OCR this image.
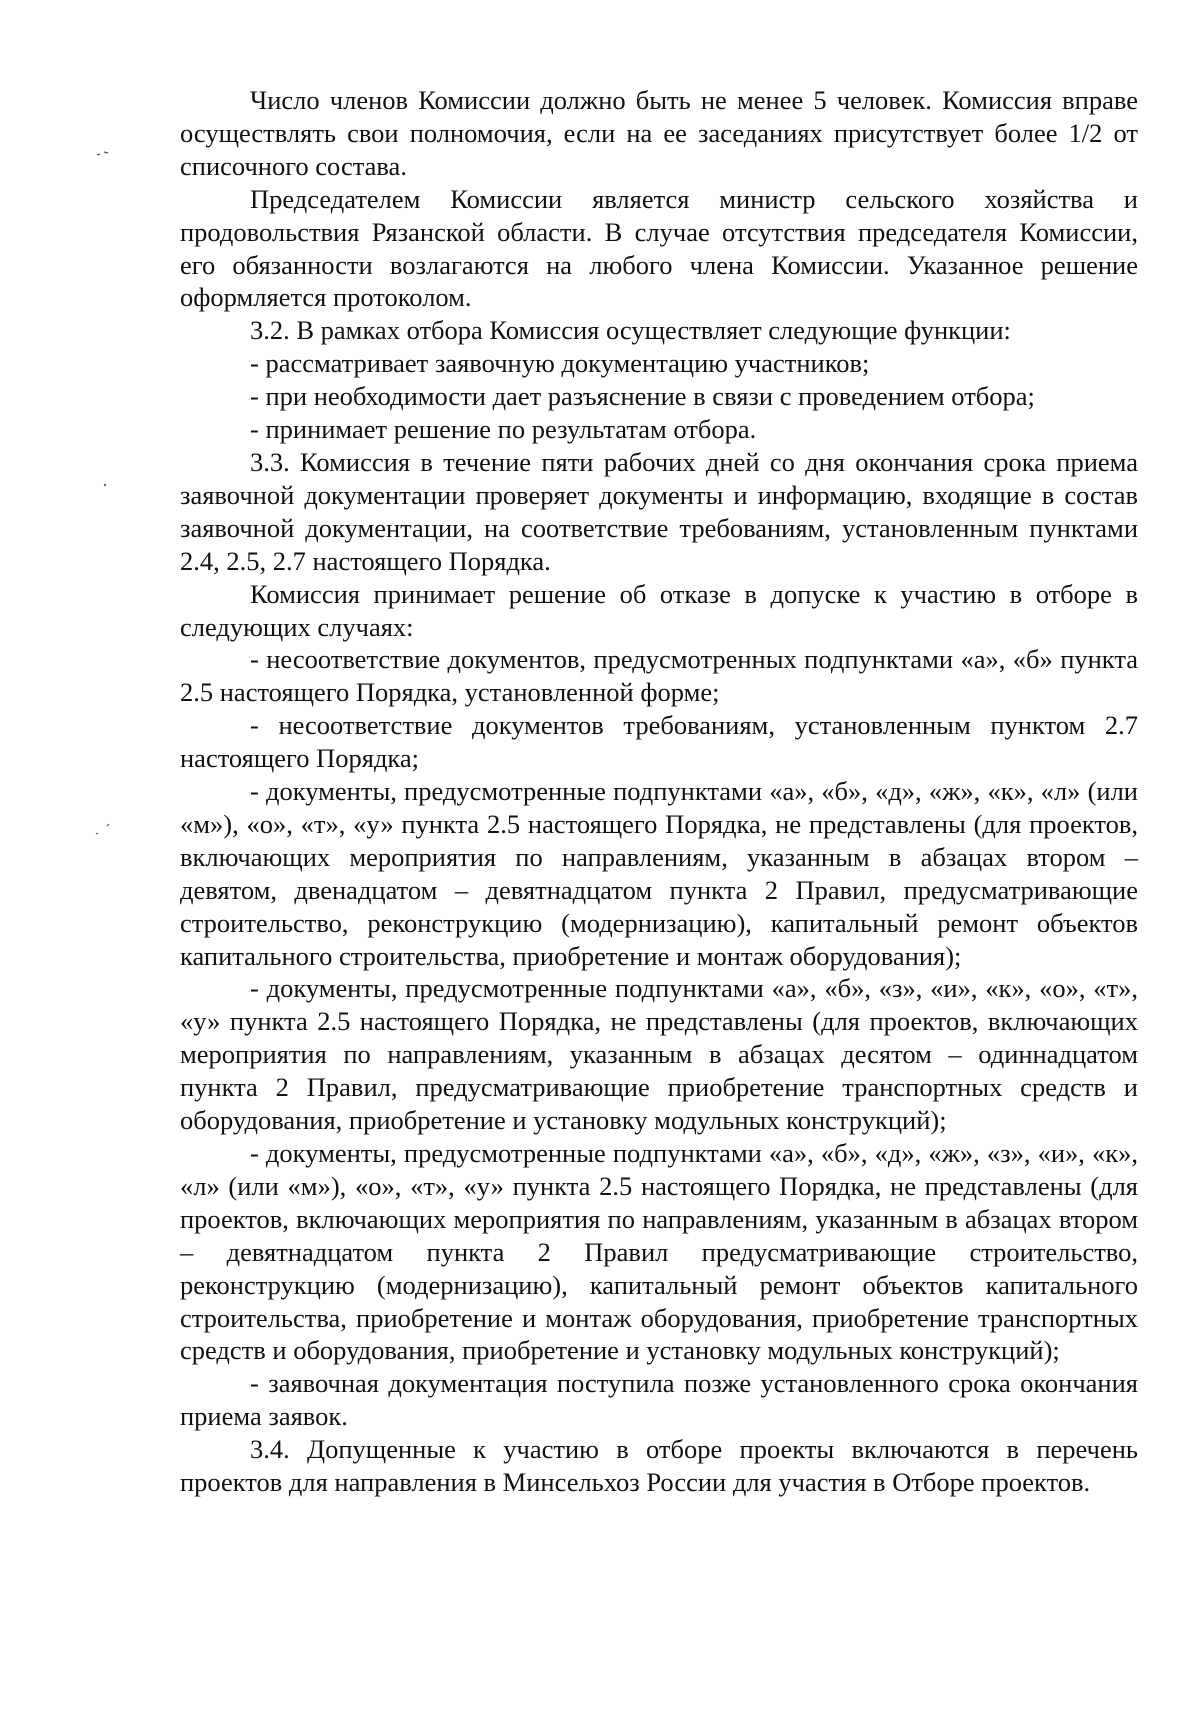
Число членов Комиссии должно быть не менее 5 человек. Комиссия вправе осуществлять свои полномочия, если на ее заседаниях присутствует более 1/2 от списочного состава.

Председателем Комиссии является министр сельского хозяйства и продовольствия Рязанской области. В случае отсутствия председателя Комиссии, его обязанности возлагаются на любого члена Комиссии. Указанное решение оформляется протоколом.

3.2. В рамках отбора Комиссия осуществляет следующие функции:

- рассматривает заявочную документацию участников;

- при необходимости дает разъяснение в связи с проведением отбора;

- принимает решение по результатам отбора.

3.3. Комиссия в течение пяти рабочих дней со дня окончания срока приема заявочной документации проверяет документы и информацию, входящие в состав заявочной документации, на соответствие требованиям, установленным пунктами 2.4, 2.5, 2.7 настоящего Порядка.

Комиссия принимает решение об отказе в допуске к участию в отборе в следующих случаях:

- несоответствие документов, предусмотренных подпунктами «а», «б» пункта 2.5 настоящего Порядка, установленной форме;

- несоответствие документов требованиям, установленным пунктом 2.7 настоящего Порядка;

- документы, предусмотренные подпунктами «а», «б», «д», «ж», «к», «л» (или «м»), «о», «т», «у» пункта 2.5 настоящего Порядка, не представлены (для проектов, включающих мероприятия по направлениям, указанным в абзацах втором – девятом, двенадцатом – девятнадцатом пункта 2 Правил, предусматривающие строительство, реконструкцию (модернизацию), капитальный ремонт объектов капитального строительства, приобретение и монтаж оборудования);

- документы, предусмотренные подпунктами «а», «б», «з», «и», «к», «о», «т», «у» пункта 2.5 настоящего Порядка, не представлены (для проектов, включающих мероприятия по направлениям, указанным в абзацах десятом – одиннадцатом пункта 2 Правил, предусматривающие приобретение транспортных средств и оборудования, приобретение и установку модульных конструкций);

- документы, предусмотренные подпунктами «а», «б», «д», «ж», «з», «и», «к», «л» (или «м»), «о», «т», «у» пункта 2.5 настоящего Порядка, не представлены (для проектов, включающих мероприятия по направлениям, указанным в абзацах втором – девятнадцатом пункта 2 Правил предусматривающие строительство, реконструкцию (модернизацию), капитальный ремонт объектов капитального строительства, приобретение и монтаж оборудования, приобретение транспортных средств и оборудования, приобретение и установку модульных конструкций);

- заявочная документация поступила позже установленного срока окончания приема заявок.

3.4. Допущенные к участию в отборе проекты включаются в перечень проектов для направления в Минсельхоз России для участия в Отборе проектов.
